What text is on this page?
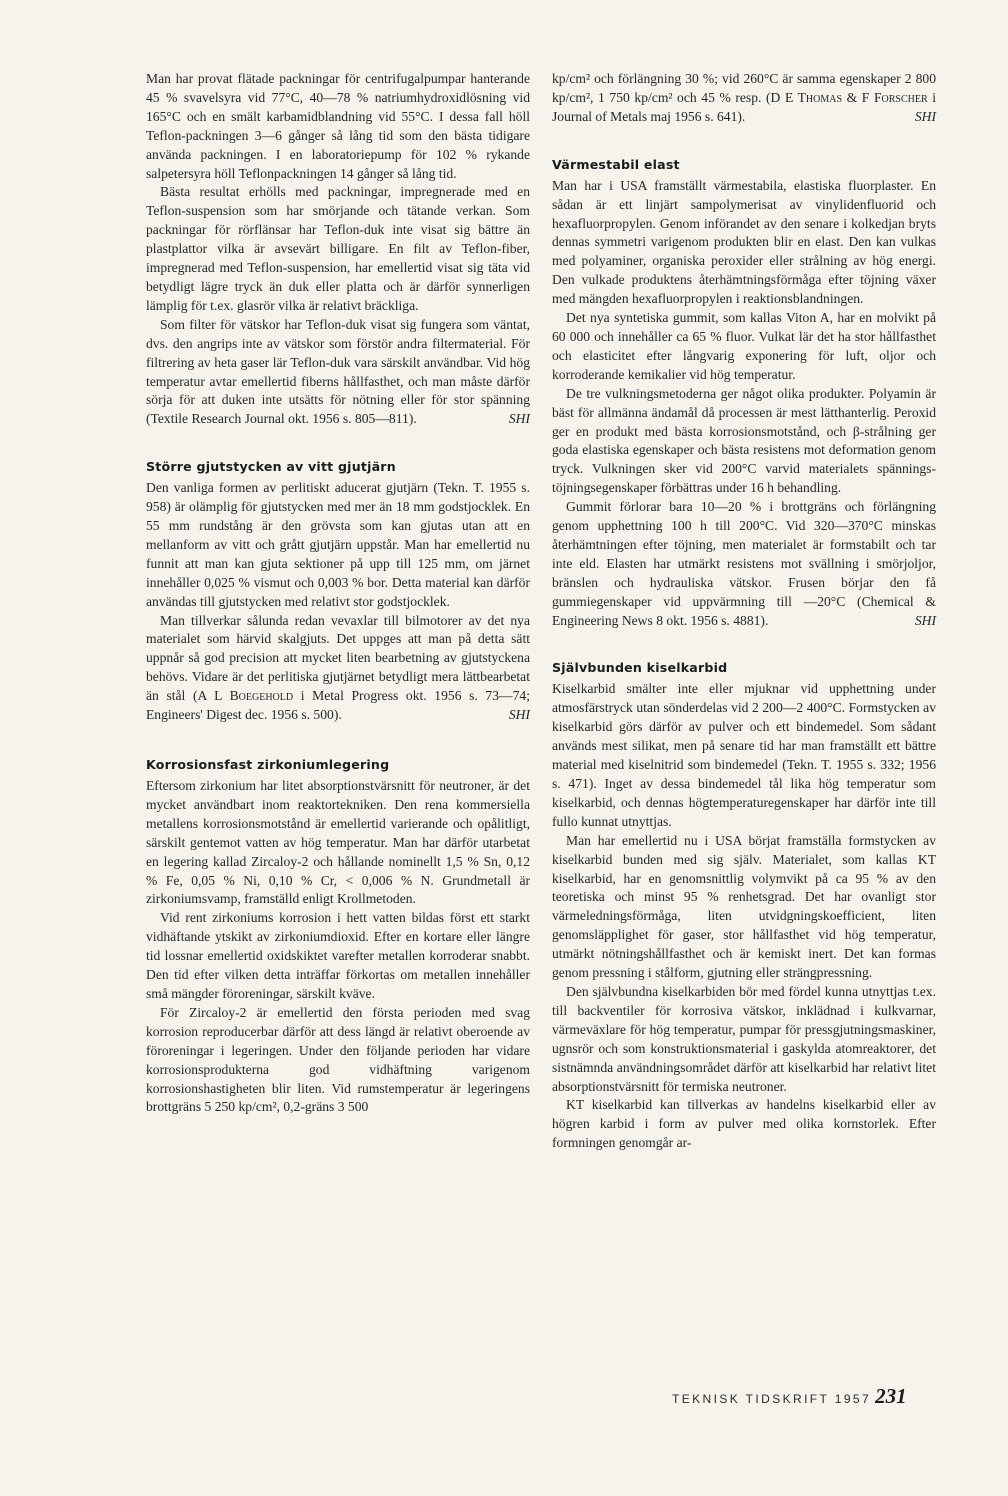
Man har provat flätade packningar för centrifugalpumpar hanterande 45 % svavelsyra vid 77°C, 40—78 % natriumhydroxidlösning vid 165°C och en smält karbamidblandning vid 55°C. I dessa fall höll Teflon-packningen 3—6 gånger så lång tid som den bästa tidigare använda packningen. I en laboratoriepump för 102 % rykande salpetersyra höll Teflonpackningen 14 gånger så lång tid.

Bästa resultat erhölls med packningar, impregnerade med en Teflon-suspension som har smörjande och tätande verkan. Som packningar för rörflänsar har Teflon-duk inte visat sig bättre än plastplattor vilka är avsevärt billigare. En filt av Teflon-fiber, impregnerad med Teflon-suspension, har emellertid visat sig täta vid betydligt lägre tryck än duk eller platta och är därför synnerligen lämplig för t.ex. glasrör vilka är relativt bräckliga.

Som filter för vätskor har Teflon-duk visat sig fungera som väntat, dvs. den angrips inte av vätskor som förstör andra filtermaterial. För filtrering av heta gaser lär Teflon-duk vara särskilt användbar. Vid hög temperatur avtar emellertid fiberns hållfasthet, och man måste därför sörja för att duken inte utsätts för nötning eller för stor spänning (Textile Research Journal okt. 1956 s. 805—811).	SHI

Större gjutstycken av vitt gjutjärn

Den vanliga formen av perlitiskt aducerat gjutjärn (Tekn. T. 1955 s. 958) är olämplig för gjutstycken med mer än 18 mm godstjocklek. En 55 mm rundstång är den grövsta som kan gjutas utan att en mellanform av vitt och grått gjutjärn uppstår. Man har emellertid nu funnit att man kan gjuta sektioner på upp till 125 mm, om järnet innehåller 0,025 % vismut och 0,003 % bor. Detta material kan därför användas till gjutstycken med relativt stor godstjocklek.

Man tillverkar sålunda redan vevaxlar till bilmotorer av det nya materialet som härvid skalgjuts. Det uppges att man på detta sätt uppnår så god precision att mycket liten bearbetning av gjutstyckena behövs. Vidare är det perlitiska gjutjärnet betydligt mera lättbearbetat än stål (A L Boegehold i Metal Progress okt. 1956 s. 73—74; Engineers' Digest dec. 1956 s. 500).	SHI

Korrosionsfast zirkoniumlegering

Eftersom zirkonium har litet absorptionstvärsnitt för neutroner, är det mycket användbart inom reaktortekniken. Den rena kommersiella metallens korrosionsmotstånd är emellertid varierande och opålitligt, särskilt gentemot vatten av hög temperatur. Man har därför utarbetat en legering kallad Zircaloy-2 och hållande nominellt 1,5 % Sn, 0,12 % Fe, 0,05 % Ni, 0,10 % Cr, < 0,006 % N. Grundmetall är zirkoniumsvamp, framställd enligt Krollmetoden.

Vid rent zirkoniums korrosion i hett vatten bildas först ett starkt vidhäftande ytskikt av zirkoniumdioxid. Efter en kortare eller längre tid lossnar emellertid oxidskiktet varefter metallen korroderar snabbt. Den tid efter vilken detta inträffar förkortas om metallen innehåller små mängder föroreningar, särskilt kväve.

För Zircaloy-2 är emellertid den första perioden med svag korrosion reproducerbar därför att dess längd är relativt oberoende av föroreningar i legeringen. Under den följande perioden har vidare korrosionsprodukterna god vidhäftning varigenom korrosionshastigheten blir liten. Vid rumstemperatur är legeringens brottgräns 5 250 kp/cm², 0,2-gräns 3 500

kp/cm² och förlängning 30 %; vid 260°C är samma egenskaper 2 800 kp/cm², 1 750 kp/cm² och 45 % resp. (D E Thomas & F Forscher i Journal of Metals maj 1956 s. 641).	SHI

Värmestabil elast

Man har i USA framställt värmestabila, elastiska fluorplaster. En sådan är ett linjärt sampolymerisat av vinylidenfluorid och hexafluorpropylen. Genom införandet av den senare i kolkedjan bryts dennas symmetri varigenom produkten blir en elast. Den kan vulkas med polyaminer, organiska peroxider eller strålning av hög energi. Den vulkade produktens återhämtningsförmåga efter töjning växer med mängden hexafluorpropylen i reaktionsblandningen.

Det nya syntetiska gummit, som kallas Viton A, har en molvikt på 60 000 och innehåller ca 65 % fluor. Vulkat lär det ha stor hållfasthet och elasticitet efter långvarig exponering för luft, oljor och korroderande kemikalier vid hög temperatur.

De tre vulkningsmetoderna ger något olika produkter. Polyamin är bäst för allmänna ändamål då processen är mest lätthanterlig. Peroxid ger en produkt med bästa korrosionsmotstånd, och β-strålning ger goda elastiska egenskaper och bästa resistens mot deformation genom tryck. Vulkningen sker vid 200°C varvid materialets spännings-töjningsegenskaper förbättras under 16 h behandling.

Gummit förlorar bara 10—20 % i brottgräns och förlängning genom upphettning 100 h till 200°C. Vid 320—370°C minskas återhämtningen efter töjning, men materialet är formstabilt och tar inte eld. Elasten har utmärkt resistens mot svällning i smörjoljor, bränslen och hydrauliska vätskor. Frusen börjar den få gummiegenskaper vid uppvärmning till —20°C (Chemical & Engineering News 8 okt. 1956 s. 4881).	SHI

Självbunden kiselkarbid

Kiselkarbid smälter inte eller mjuknar vid upphettning under atmosfärstryck utan sönderdelas vid 2 200—2 400°C. Formstycken av kiselkarbid görs därför av pulver och ett bindemedel. Som sådant används mest silikat, men på senare tid har man framställt ett bättre material med kiselnitrid som bindemedel (Tekn. T. 1955 s. 332; 1956 s. 471). Inget av dessa bindemedel tål lika hög temperatur som kiselkarbid, och dennas högtemperaturegenskaper har därför inte till fullo kunnat utnyttjas.

Man har emellertid nu i USA börjat framställa formstycken av kiselkarbid bunden med sig själv. Materialet, som kallas KT kiselkarbid, har en genomsnittlig volymvikt på ca 95 % av den teoretiska och minst 95 % renhetsgrad. Det har ovanligt stor värmeledningsförmåga, liten utvidgningskoefficient, liten genomsläpplighet för gaser, stor hållfasthet vid hög temperatur, utmärkt nötningshållfasthet och är kemiskt inert. Det kan formas genom pressning i stålform, gjutning eller strängpressning.

Den självbundna kiselkarbiden bör med fördel kunna utnyttjas t.ex. till backventiler för korrosiva vätskor, inklädnad i kulkvarnar, värmeväxlare för hög temperatur, pumpar för pressgjutningsmaskiner, ugnsrör och som konstruktionsmaterial i gaskylda atomreaktorer, det sistnämnda användningsområdet därför att kiselkarbid har relativt litet absorptionstvärsnitt för termiska neutroner.

KT kiselkarbid kan tillverkas av handelns kiselkarbid eller av högren karbid i form av pulver med olika kornstorlek. Efter formningen genomgår ar-

TEKNISK TIDSKRIFT 1957 231
